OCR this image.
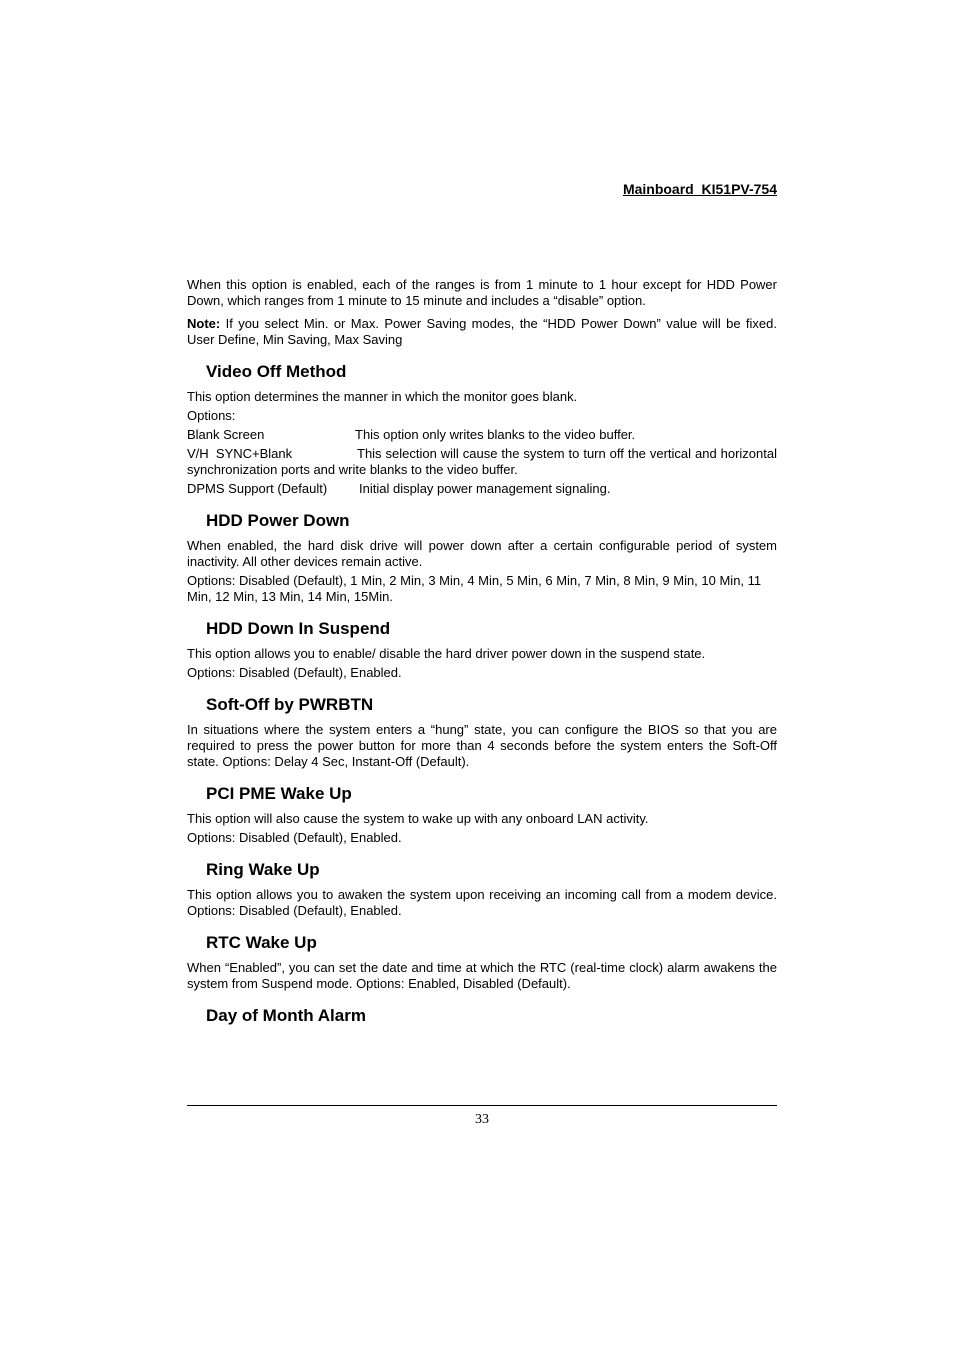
Mainboard  KI51PV-754

When this option is enabled, each of the ranges is from 1 minute to 1 hour except for HDD Power Down, which ranges from 1 minute to 15 minute and includes a “disable” option.

Note: If you select Min. or Max. Power Saving modes, the “HDD Power Down” value will be fixed. User Define, Min Saving, Max Saving

Video Off Method

This option determines the manner in which the monitor goes blank.

Options:

Blank Screen	This option only writes blanks to the video buffer.

V/H  SYNC+Blank	This selection will cause the system to turn off the vertical and horizontal synchronization ports and write blanks to the video buffer.

DPMS Support (Default)	Initial display power management signaling.
HDD Power Down

When enabled, the hard disk drive will power down after a certain configurable period of system inactivity. All other devices remain active.

Options: Disabled (Default), 1 Min, 2 Min, 3 Min, 4 Min, 5 Min, 6 Min, 7 Min, 8 Min, 9 Min, 10 Min, 11 Min, 12 Min, 13 Min, 14 Min, 15Min.

HDD Down In Suspend

This option allows you to enable/ disable the hard driver power down in the suspend state.

Options: Disabled (Default), Enabled.

Soft-Off by PWRBTN

In situations where the system enters a “hung” state, you can configure the BIOS so that you are required to press the power button for more than 4 seconds before the system enters the Soft-Off state. Options: Delay 4 Sec, Instant-Off (Default).

PCI PME Wake Up

This option will also cause the system to wake up with any onboard LAN activity.

Options: Disabled (Default), Enabled.

Ring Wake Up

This option allows you to awaken the system upon receiving an incoming call from a modem device. Options: Disabled (Default), Enabled.

RTC Wake Up

When “Enabled”, you can set the date and time at which the RTC (real-time clock) alarm awakens the system from Suspend mode. Options: Enabled, Disabled (Default).

Day of Month Alarm
33
